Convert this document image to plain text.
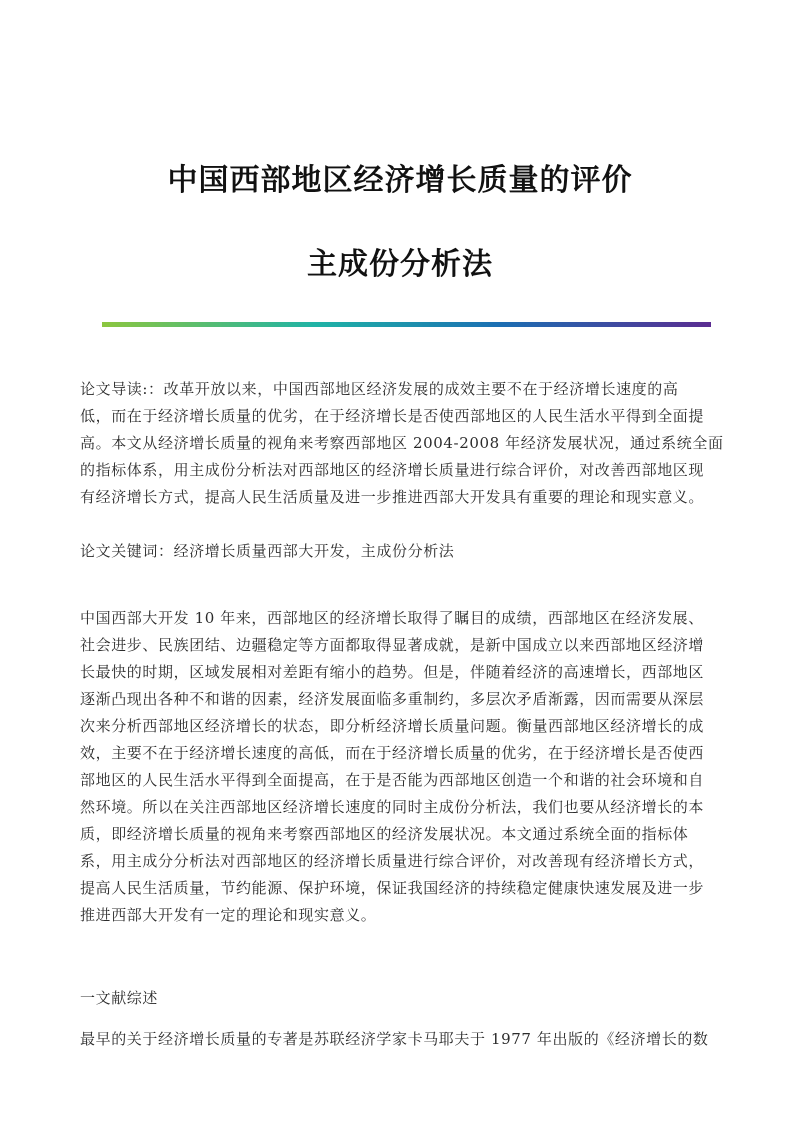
中国西部地区经济增长质量的评价
主成份分析法
论文导读:：改革开放以来，中国西部地区经济发展的成效主要不在于经济增长速度的高
低，而在于经济增长质量的优劣，在于经济增长是否使西部地区的人民生活水平得到全面提
高。本文从经济增长质量的视角来考察西部地区 2004-2008 年经济发展状况，通过系统全面
的指标体系，用主成份分析法对西部地区的经济增长质量进行综合评价，对改善西部地区现
有经济增长方式，提高人民生活质量及进一步推进西部大开发具有重要的理论和现实意义。
论文关键词：经济增长质量西部大开发，主成份分析法
中国西部大开发 10 年来，西部地区的经济增长取得了瞩目的成绩，西部地区在经济发展、
社会进步、民族团结、边疆稳定等方面都取得显著成就，是新中国成立以来西部地区经济增
长最快的时期，区域发展相对差距有缩小的趋势。但是，伴随着经济的高速增长，西部地区
逐渐凸现出各种不和谐的因素，经济发展面临多重制约，多层次矛盾渐露，因而需要从深层
次来分析西部地区经济增长的状态，即分析经济增长质量问题。衡量西部地区经济增长的成
效，主要不在于经济增长速度的高低，而在于经济增长质量的优劣，在于经济增长是否使西
部地区的人民生活水平得到全面提高，在于是否能为西部地区创造一个和谐的社会环境和自
然环境。所以在关注西部地区经济增长速度的同时主成份分析法，我们也要从经济增长的本
质，即经济增长质量的视角来考察西部地区的经济发展状况。本文通过系统全面的指标体
系，用主成分分析法对西部地区的经济增长质量进行综合评价，对改善现有经济增长方式，
提高人民生活质量，节约能源、保护环境，保证我国经济的持续稳定健康快速发展及进一步
推进西部大开发有一定的理论和现实意义。
一文献综述
最早的关于经济增长质量的专著是苏联经济学家卡马耶夫于 1977 年出版的《经济增长的数
